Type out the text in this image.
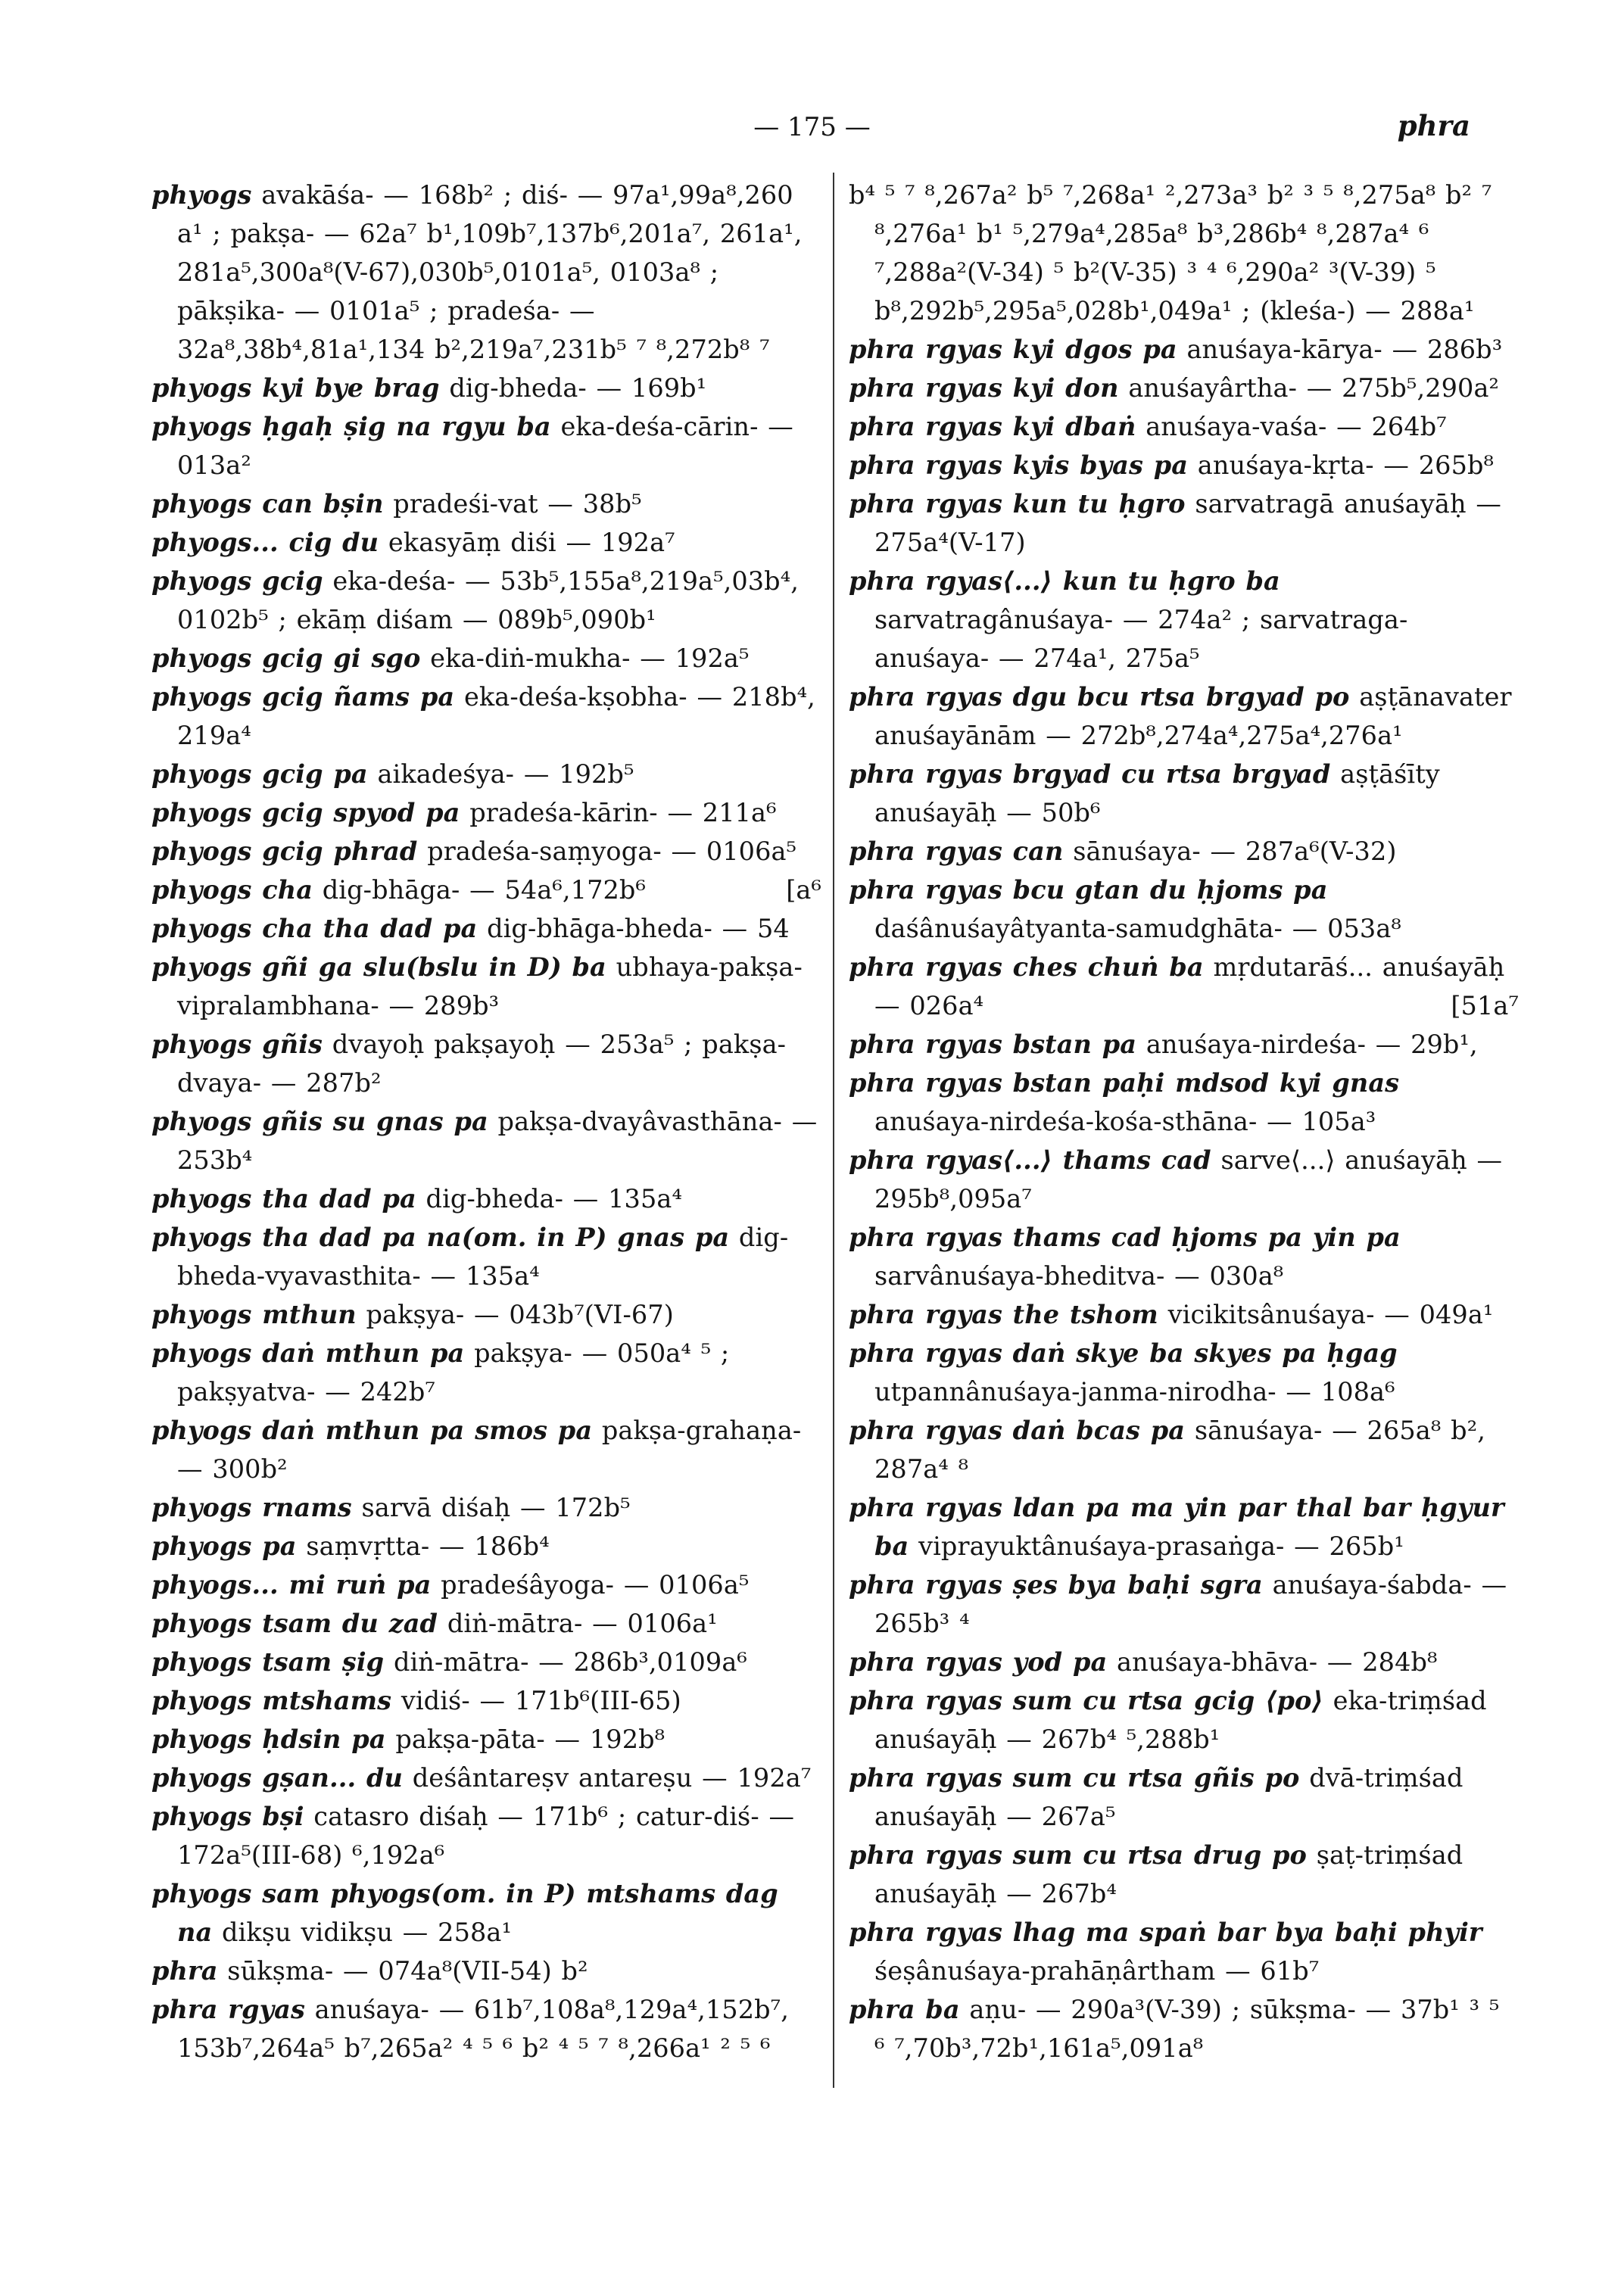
— 175 —	phra

phyogs avakāśa- — 168b² ; diś- — 97a¹,99a⁸,260 a¹ ; pakṣa- — 62a⁷ b¹,109b⁷,137b⁶,201a⁷, 261a¹, 281a⁵,300a⁸(V-67),030b⁵,0101a⁵, 0103a⁸ ; pākṣika- — 0101a⁵ ; pradeśa- — 32a⁸,38b⁴,81a¹,134 b²,219a⁷,231b⁵ ⁷ ⁸,272b⁸ ⁷

phyogs kyi bye brag dig-bheda- — 169b¹

phyogs ḥgaḥ ṣig na rgyu ba eka-deśa-cārin- — 013a²

phyogs can bṣin pradeśi-vat — 38b⁵

phyogs... cig du ekasyāṃ diśi — 192a⁷

phyogs gcig eka-deśa- — 53b⁵,155a⁸,219a⁵,03b⁴, 0102b⁵ ; ekāṃ diśam — 089b⁵,090b¹

phyogs gcig gi sgo eka-diṅ-mukha- — 192a⁵

phyogs gcig ñams pa eka-deśa-kṣobha- — 218b⁴, 219a⁴

phyogs gcig pa aikadeśya- — 192b⁵

phyogs gcig spyod pa pradeśa-kārin- — 211a⁶

phyogs gcig phrad pradeśa-saṃyoga- — 0106a⁵

phyogs cha dig-bhāga- — 54a⁶,172b⁶	[a⁶

phyogs cha tha dad pa dig-bhāga-bheda- — 54

phyogs gñi ga slu(bslu in D) ba ubhaya-pakṣa-vipralambhana- — 289b³

phyogs gñis dvayoḥ pakṣayoḥ — 253a⁵ ; pakṣa-dvaya- — 287b²

phyogs gñis su gnas pa pakṣa-dvayâvasthāna- — 253b⁴

phyogs tha dad pa dig-bheda- — 135a⁴

phyogs tha dad pa na(om. in P) gnas pa dig-bheda-vyavasthita- — 135a⁴

phyogs mthun pakṣya- — 043b⁷(VI-67)

phyogs daṅ mthun pa pakṣya- — 050a⁴ ⁵ ; pakṣyatva- — 242b⁷

phyogs daṅ mthun pa smos pa pakṣa-grahaṇa- — 300b²

phyogs rnams sarvā diśaḥ — 172b⁵

phyogs pa saṃvṛtta- — 186b⁴

phyogs... mi ruṅ pa pradeśâyoga- — 0106a⁵

phyogs tsam du zad diṅ-mātra- — 0106a¹

phyogs tsam ṣig diṅ-mātra- — 286b³,0109a⁶

phyogs mtshams vidiś- — 171b⁶(III-65)

phyogs ḥdsin pa pakṣa-pāta- — 192b⁸

phyogs gṣan... du deśântareṣv antareṣu — 192a⁷

phyogs bṣi catasro diśaḥ — 171b⁶ ; catur-diś- — 172a⁵(III-68) ⁶,192a⁶

phyogs sam phyogs(om. in P) mtshams dag na dikṣu vidikṣu — 258a¹

phra sūkṣma- — 074a⁸(VII-54) b²

phra rgyas anuśaya- — 61b⁷,108a⁸,129a⁴,152b⁷, 153b⁷,264a⁵ b⁷,265a² ⁴ ⁵ ⁶ b² ⁴ ⁵ ⁷ ⁸,266a¹ ² ⁵ ⁶

b⁴ ⁵ ⁷ ⁸,267a² b⁵ ⁷,268a¹ ²,273a³ b² ³ ⁵ ⁸,275a⁸ b² ⁷ ⁸,276a¹ b¹ ⁵,279a⁴,285a⁸ b³,286b⁴ ⁸,287a⁴ ⁶ ⁷,288a²(V-34) ⁵ b²(V-35) ³ ⁴ ⁶,290a² ³(V-39) ⁵ b⁸,292b⁵,295a⁵,028b¹,049a¹ ; (kleśa-) — 288a¹

phra rgyas kyi dgos pa anuśaya-kārya- — 286b³

phra rgyas kyi don anuśayârtha- — 275b⁵,290a²

phra rgyas kyi dbaṅ anuśaya-vaśa- — 264b⁷

phra rgyas kyis byas pa anuśaya-kṛta- — 265b⁸

phra rgyas kun tu ḥgro sarvatragā anuśayāḥ — 275a⁴(V-17)

phra rgyas⟨...⟩ kun tu ḥgro ba sarvatragânuśaya- — 274a² ; sarvatraga- anuśaya- — 274a¹, 275a⁵

phra rgyas dgu bcu rtsa brgyad po aṣṭānavater anuśayānām — 272b⁸,274a⁴,275a⁴,276a¹

phra rgyas brgyad cu rtsa brgyad aṣṭāśīty anuśayāḥ — 50b⁶

phra rgyas can sānuśaya- — 287a⁶(V-32)

phra rgyas bcu gtan du ḥjoms pa daśânuśayâtyanta-samudghāta- — 053a⁸

phra rgyas ches chuṅ ba mṛdutarāś... anuśayāḥ — 026a⁴	[51a⁷

phra rgyas bstan pa anuśaya-nirdeśa- — 29b¹,

phra rgyas bstan paḥi mdsod kyi gnas anuśaya-nirdeśa-kośa-sthāna- — 105a³

phra rgyas⟨...⟩ thams cad sarve⟨...⟩ anuśayāḥ — 295b⁸,095a⁷

phra rgyas thams cad ḥjoms pa yin pa sarvânuśaya-bheditva- — 030a⁸

phra rgyas the tshom vicikitsânuśaya- — 049a¹

phra rgyas daṅ skye ba skyes pa ḥgag utpannânuśaya-janma-nirodha- — 108a⁶

phra rgyas daṅ bcas pa sānuśaya- — 265a⁸ b², 287a⁴ ⁸

phra rgyas ldan pa ma yin par thal bar ḥgyur ba viprayuktânuśaya-prasaṅga- — 265b¹

phra rgyas ṣes bya baḥi sgra anuśaya-śabda- — 265b³ ⁴

phra rgyas yod pa anuśaya-bhāva- — 284b⁸

phra rgyas sum cu rtsa gcig ⟨po⟩ eka-triṃśad anuśayāḥ — 267b⁴ ⁵,288b¹

phra rgyas sum cu rtsa gñis po dvā-triṃśad anuśayāḥ — 267a⁵

phra rgyas sum cu rtsa drug po ṣaṭ-triṃśad anuśayāḥ — 267b⁴

phra rgyas lhag ma spaṅ bar bya baḥi phyir śeṣânuśaya-prahāṇârtham — 61b⁷

phra ba aṇu- — 290a³(V-39) ; sūkṣma- — 37b¹ ³ ⁵ ⁶ ⁷,70b³,72b¹,161a⁵,091a⁸
